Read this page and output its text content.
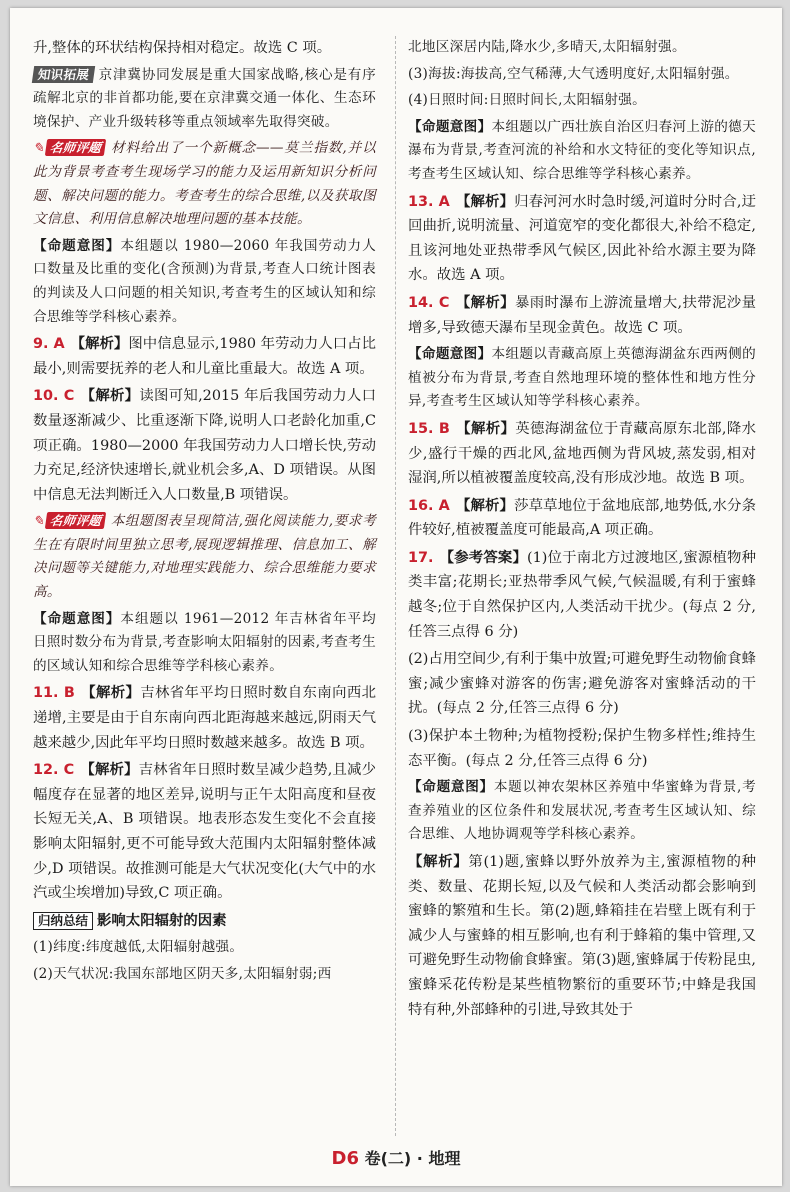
升,整体的环状结构保持相对稳定。故选 C 项。

知识拓展 京津冀协同发展是重大国家战略,核心是有序疏解北京的非首都功能,要在京津冀交通一体化、生态环境保护、产业升级转移等重点领域率先取得突破。

✎ 名师评题 材料给出了一个新概念——莫兰指数,并以此为背景考查考生现场学习的能力及运用新知识分析问题、解决问题的能力。考查考生的综合思维,以及获取图文信息、利用信息解决地理问题的基本技能。

【命题意图】本组题以 1980—2060 年我国劳动力人口数量及比重的变化(含预测)为背景,考查人口统计图表的判读及人口问题的相关知识,考查考生的区域认知和综合思维等学科核心素养。

9. A 【解析】图中信息显示,1980 年劳动力人口占比最小,则需要抚养的老人和儿童比重最大。故选 A 项。

10. C 【解析】读图可知,2015 年后我国劳动力人口数量逐渐减少、比重逐渐下降,说明人口老龄化加重,C 项正确。1980—2000 年我国劳动力人口增长快,劳动力充足,经济快速增长,就业机会多,A、D 项错误。从图中信息无法判断迁入人口数量,B 项错误。

✎ 名师评题 本组题图表呈现简洁,强化阅读能力,要求考生在有限时间里独立思考,展现逻辑推理、信息加工、解决问题等关键能力,对地理实践能力、综合思维能力要求高。

【命题意图】本组题以 1961—2012 年吉林省年平均日照时数分布为背景,考查影响太阳辐射的因素,考查考生的区域认知和综合思维等学科核心素养。

11. B 【解析】吉林省年平均日照时数自东南向西北递增,主要是由于自东南向西北距海越来越远,阴雨天气越来越少,因此年平均日照时数越来越多。故选 B 项。

12. C 【解析】吉林省年日照时数呈减少趋势,且减少幅度存在显著的地区差异,说明与正午太阳高度和昼夜长短无关,A、B 项错误。地表形态发生变化不会直接影响太阳辐射,更不可能导致大范围内太阳辐射整体减少,D 项错误。故推测可能是大气状况变化(大气中的水汽或尘埃增加)导致,C 项正确。

归纳总结 影响太阳辐射的因素

(1)纬度:纬度越低,太阳辐射越强。

(2)天气状况:我国东部地区阴天多,太阳辐射弱;西

北地区深居内陆,降水少,多晴天,太阳辐射强。

(3)海拔:海拔高,空气稀薄,大气透明度好,太阳辐射强。

(4)日照时间:日照时间长,太阳辐射强。

【命题意图】本组题以广西壮族自治区归春河上游的德天瀑布为背景,考查河流的补给和水文特征的变化等知识点,考查考生区域认知、综合思维等学科核心素养。

13. A 【解析】归春河河水时急时缓,河道时分时合,迂回曲折,说明流量、河道宽窄的变化都很大,补给不稳定,且该河地处亚热带季风气候区,因此补给水源主要为降水。故选 A 项。

14. C 【解析】暴雨时瀑布上游流量增大,扶带泥沙量增多,导致德天瀑布呈现金黄色。故选 C 项。

【命题意图】本组题以青藏高原上英德海湖盆东西两侧的植被分布为背景,考查自然地理环境的整体性和地方性分异,考查考生区域认知等学科核心素养。

15. B 【解析】英德海湖盆位于青藏高原东北部,降水少,盛行干燥的西北风,盆地西侧为背风坡,蒸发弱,相对湿润,所以植被覆盖度较高,没有形成沙地。故选 B 项。

16. A 【解析】莎草草地位于盆地底部,地势低,水分条件较好,植被覆盖度可能最高,A 项正确。

17. 【参考答案】(1)位于南北方过渡地区,蜜源植物种类丰富;花期长;亚热带季风气候,气候温暖,有利于蜜蜂越冬;位于自然保护区内,人类活动干扰少。(每点 2 分,任答三点得 6 分)

(2)占用空间少,有利于集中放置;可避免野生动物偷食蜂蜜;减少蜜蜂对游客的伤害;避免游客对蜜蜂活动的干扰。(每点 2 分,任答三点得 6 分)

(3)保护本土物种;为植物授粉;保护生物多样性;维持生态平衡。(每点 2 分,任答三点得 6 分)

【命题意图】本题以神农架林区养殖中华蜜蜂为背景,考查养殖业的区位条件和发展状况,考查考生区域认知、综合思维、人地协调观等学科核心素养。

【解析】第(1)题,蜜蜂以野外放养为主,蜜源植物的种类、数量、花期长短,以及气候和人类活动都会影响到蜜蜂的繁殖和生长。第(2)题,蜂箱挂在岩壁上既有利于减少人与蜜蜂的相互影响,也有利于蜂箱的集中管理,又可避免野生动物偷食蜂蜜。第(3)题,蜜蜂属于传粉昆虫,蜜蜂采花传粉是某些植物繁衍的重要环节;中蜂是我国特有种,外部蜂种的引进,导致其处于

D6 卷(二) · 地理
